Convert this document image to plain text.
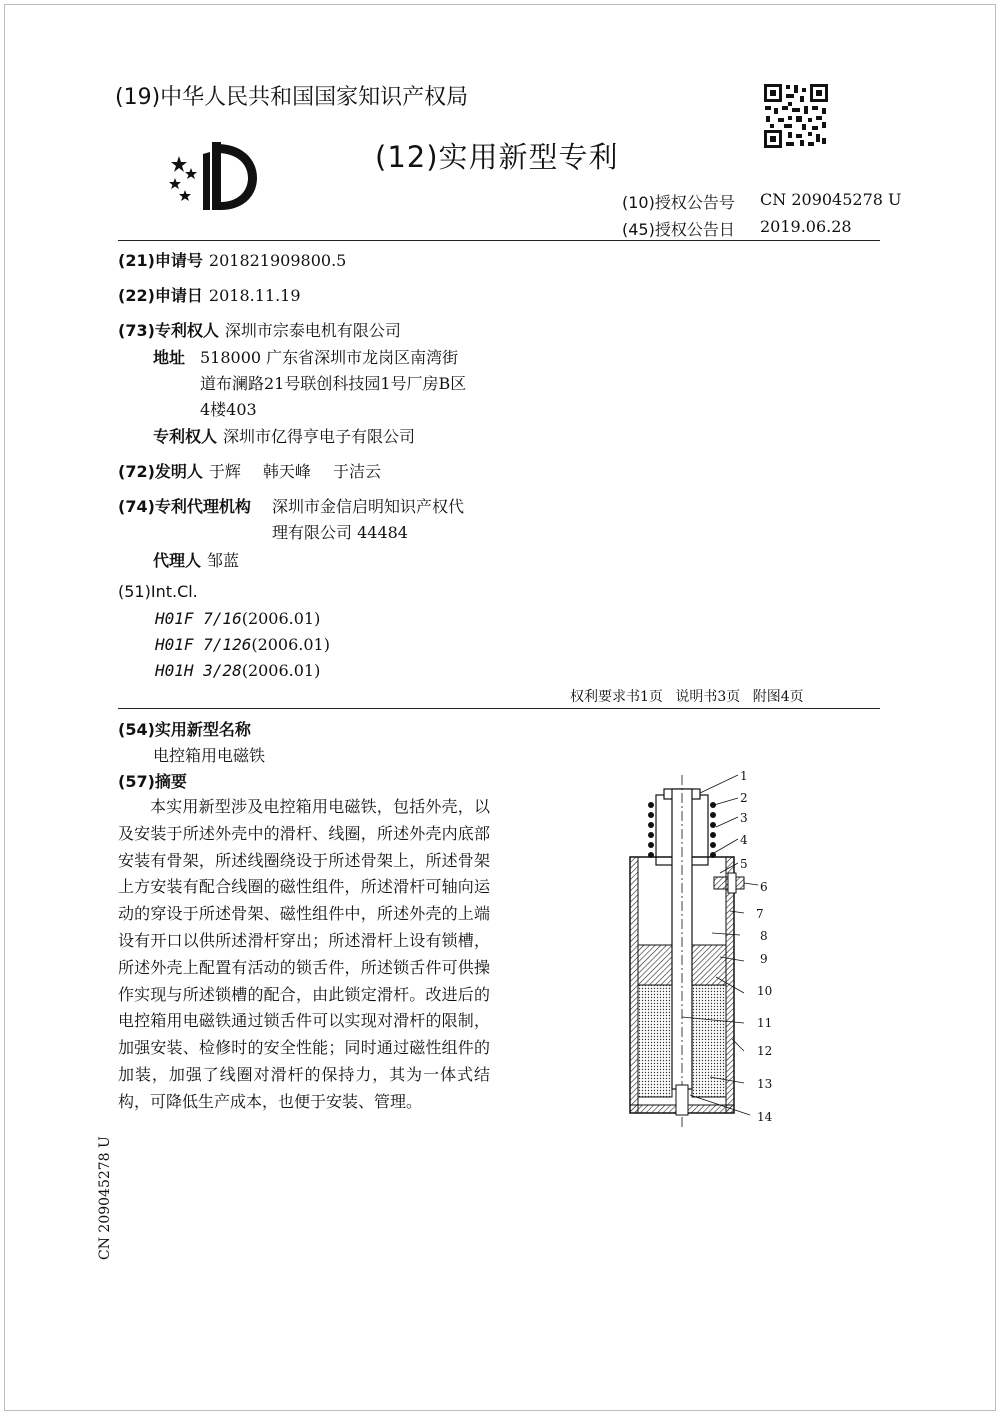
(19)中华人民共和国国家知识产权局
(12)实用新型专利
(10)授权公告号 CN 209045278 U
(45)授权公告日 2019.06.28
(21)申请号 201821909800.5
(22)申请日 2018.11.19
(73)专利权人 深圳市宗泰电机有限公司
地址 518000 广东省深圳市龙岗区南湾街
道布澜路21号联创科技园1号厂房B区
4楼403
专利权人 深圳市亿得亨电子有限公司
(72)发明人 于辉 韩天峰 于洁云
(74)专利代理机构 深圳市金信启明知识产权代
理有限公司 44484
代理人 邹蓝
(51)Int.Cl.
H01F 7/16(2006.01)
H01F 7/126(2006.01)
H01H 3/28(2006.01)
权利要求书1页 说明书3页 附图4页
(54)实用新型名称
电控箱用电磁铁
(57)摘要
本实用新型涉及电控箱用电磁铁，包括外壳，以及安装于所述外壳中的滑杆、线圈，所述外壳内底部安装有骨架，所述线圈绕设于所述骨架上，所述骨架上方安装有配合线圈的磁性组件，所述滑杆可轴向运动的穿设于所述骨架、磁性组件中，所述外壳的上端设有开口以供所述滑杆穿出；所述滑杆上设有锁槽，所述外壳上配置有活动的锁舌件，所述锁舌件可供操作实现与所述锁槽的配合，由此锁定滑杆。改进后的电控箱用电磁铁通过锁舌件可以实现对滑杆的限制，加强安装、检修时的安全性能；同时通过磁性组件的加装，加强了线圈对滑杆的保持力，其为一体式结构，可降低生产成本，也便于安装、管理。
CN 209045278 U
1
2
3
4
5
6
7
8
9
10
11
12
13
14
